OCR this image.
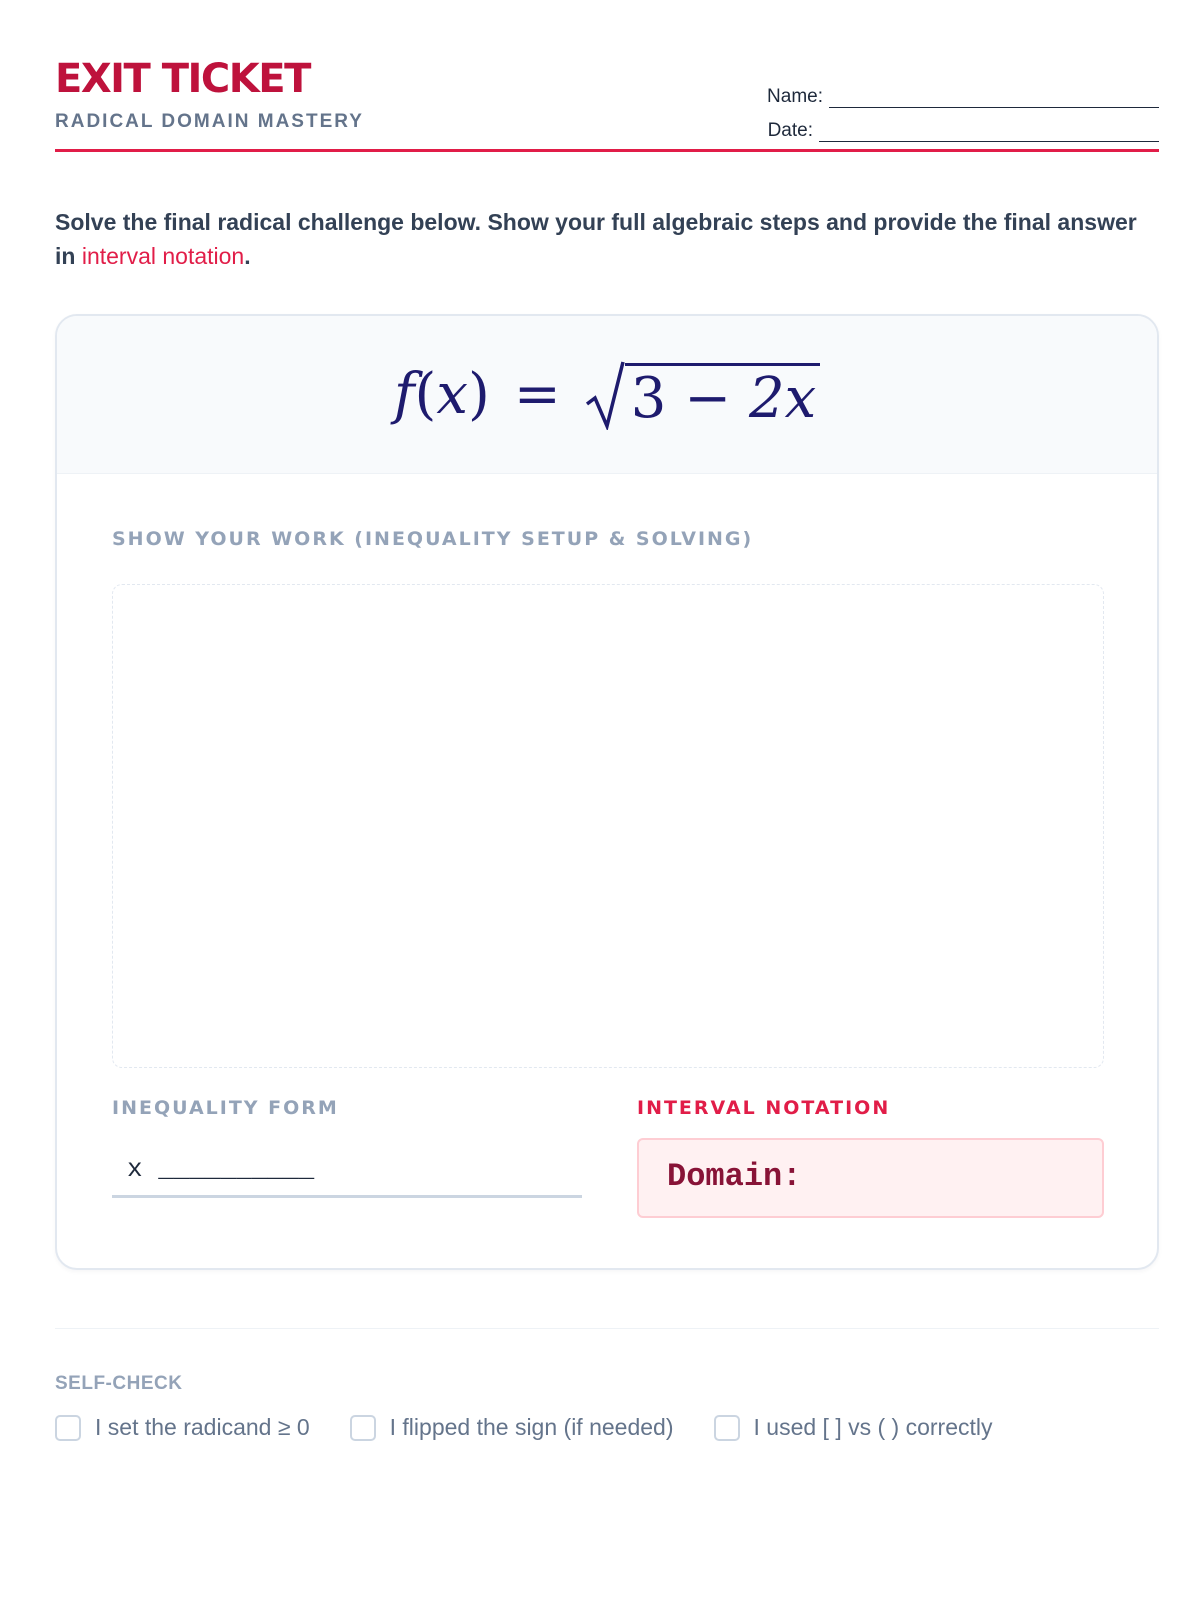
EXIT TICKET
RADICAL DOMAIN MASTERY
Name:
Date:
Solve the final radical challenge below. Show your full algebraic steps and provide the final answer in interval notation.
f ( x ) = 3 − 2x
SHOW YOUR WORK (INEQUALITY SETUP & SOLVING)
INEQUALITY FORM
x __________
INTERVAL NOTATION
Domain:
SELF-CHECK
I set the radicand ≥ 0	I flipped the sign (if needed)	I used [ ] vs ( ) correctly
